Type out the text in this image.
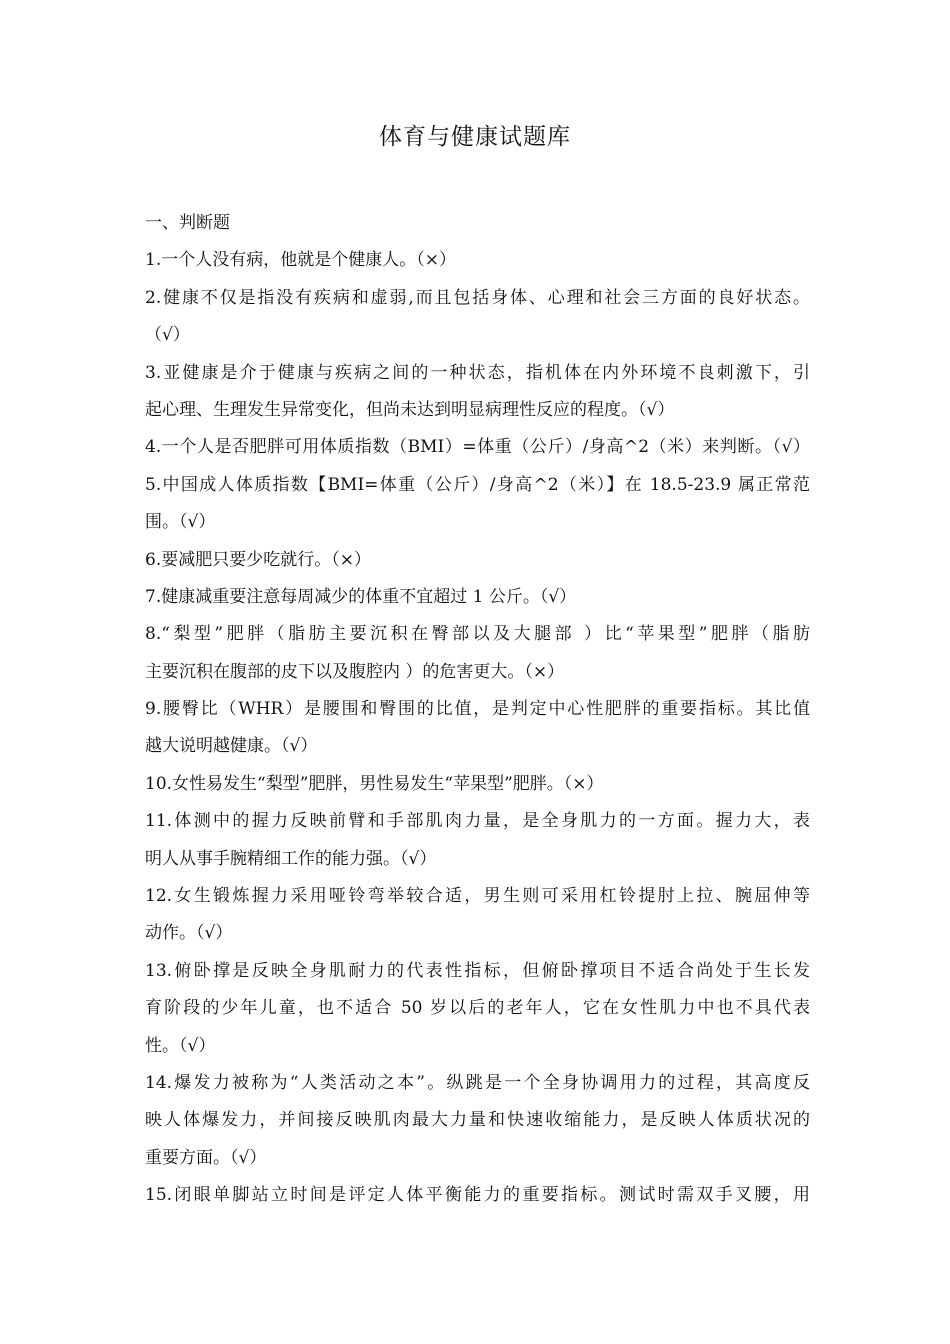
体育与健康试题库
一、判断题
1.一个人没有病，他就是个健康人。（×）
2.健康不仅是指没有疾病和虚弱,而且包括身体、心理和社会三方面的良好状态。
（√）
3.亚健康是介于健康与疾病之间的一种状态，指机体在内外环境不良刺激下，引
起心理、生理发生异常变化，但尚未达到明显病理性反应的程度。（√）
4.一个人是否肥胖可用体质指数（BMI）=体重（公斤）/身高^2（米）来判断。（√）
5.中国成人体质指数【BMI=体重（公斤）/身高^2（米）】在 18.5-23.9 属正常范
围。（√）
6.要减肥只要少吃就行。（×）
7.健康减重要注意每周减少的体重不宜超过 1 公斤。（√）
8.“梨型”肥胖（脂肪主要沉积在臀部以及大腿部 ）比“苹果型”肥胖（脂肪
主要沉积在腹部的皮下以及腹腔内 ）的危害更大。（×）
9.腰臀比（WHR）是腰围和臀围的比值，是判定中心性肥胖的重要指标。其比值
越大说明越健康。（√）
10.女性易发生“梨型”肥胖，男性易发生“苹果型”肥胖。（×）
11.体测中的握力反映前臂和手部肌肉力量，是全身肌力的一方面。握力大，表
明人从事手腕精细工作的能力强。（√）
12.女生锻炼握力采用哑铃弯举较合适，男生则可采用杠铃提肘上拉、腕屈伸等
动作。（√）
13.俯卧撑是反映全身肌耐力的代表性指标，但俯卧撑项目不适合尚处于生长发
育阶段的少年儿童，也不适合 50 岁以后的老年人，它在女性肌力中也不具代表
性。（√）
14.爆发力被称为“人类活动之本”。纵跳是一个全身协调用力的过程，其高度反
映人体爆发力，并间接反映肌肉最大力量和快速收缩能力，是反映人体质状况的
重要方面。（√）
15.闭眼单脚站立时间是评定人体平衡能力的重要指标。测试时需双手叉腰，用
